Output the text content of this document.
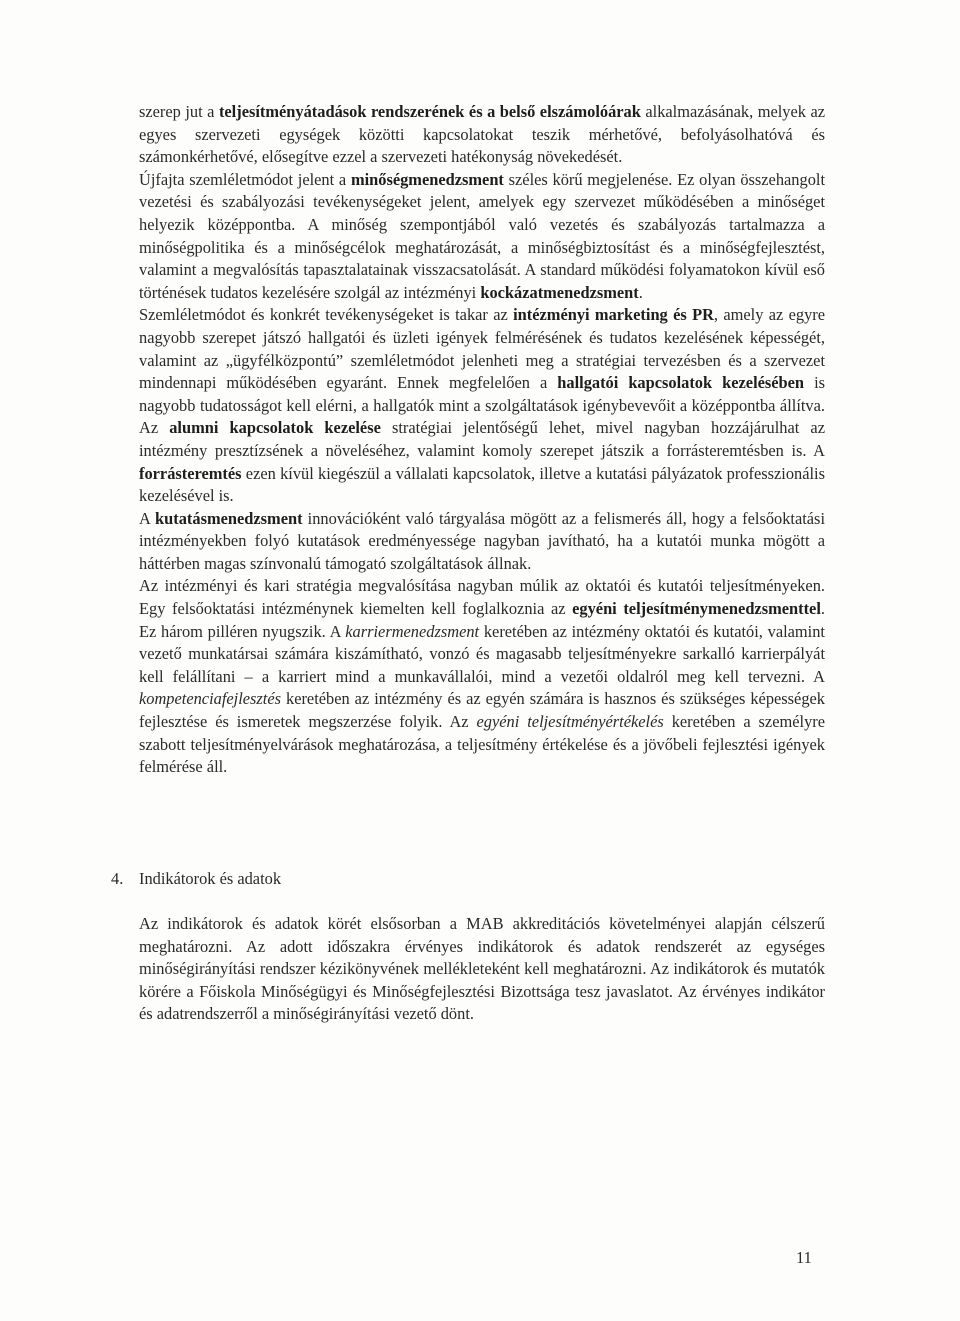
szerep jut a teljesítményátadások rendszerének és a belső elszámolóárak alkalmazásának, melyek az egyes szervezeti egységek közötti kapcsolatokat teszik mérhetővé, befolyásolhatóvá és számonkérhetővé, elősegítve ezzel a szervezeti hatékonyság növekedését.

Újfajta szemléletmódot jelent a minőségmenedzsment széles körű megjelenése. Ez olyan összehangolt vezetési és szabályozási tevékenységeket jelent, amelyek egy szervezet működésében a minőséget helyezik középpontba. A minőség szempontjából való vezetés és szabályozás tartalmazza a minőségpolitika és a minőségcélok meghatározását, a minőségbiztosítást és a minőségfejlesztést, valamint a megvalósítás tapasztalatainak visszacsatolását. A standard működési folyamatokon kívül eső történések tudatos kezelésére szolgál az intézményi kockázatmenedzsment.

Szemléletmódot és konkrét tevékenységeket is takar az intézményi marketing és PR, amely az egyre nagyobb szerepet játszó hallgatói és üzleti igények felmérésének és tudatos kezelésének képességét, valamint az „ügyfélközpontú” szemléletmódot jelenheti meg a stratégiai tervezésben és a szervezet mindennapi működésében egyaránt. Ennek megfelelően a hallgatói kapcsolatok kezelésében is nagyobb tudatosságot kell elérni, a hallgatók mint a szolgáltatások igénybevevőit a középpontba állítva. Az alumni kapcsolatok kezelése stratégiai jelentőségű lehet, mivel nagyban hozzájárulhat az intézmény presztízsének a növeléséhez, valamint komoly szerepet játszik a forrásteremtésben is. A forrásteremtés ezen kívül kiegészül a vállalati kapcsolatok, illetve a kutatási pályázatok professzionális kezelésével is.

A kutatásmenedzsment innovációként való tárgyalása mögött az a felismerés áll, hogy a felsőoktatási intézményekben folyó kutatások eredményessége nagyban javítható, ha a kutatói munka mögött a háttérben magas színvonalú támogató szolgáltatások állnak.

Az intézményi és kari stratégia megvalósítása nagyban múlik az oktatói és kutatói teljesítményeken. Egy felsőoktatási intézménynek kiemelten kell foglalkoznia az egyéni teljesítménymenedzsmenttel. Ez három pilléren nyugszik. A karriermenedzsment keretében az intézmény oktatói és kutatói, valamint vezető munkatársai számára kiszámítható, vonzó és magasabb teljesítményekre sarkalló karrierpályát kell felállítani – a karriert mind a munkavállalói, mind a vezetői oldalról meg kell tervezni. A kompetenciafejlesztés keretében az intézmény és az egyén számára is hasznos és szükséges képességek fejlesztése és ismeretek megszerzése folyik. Az egyéni teljesítményértékelés keretében a személyre szabott teljesítményelvárások meghatározása, a teljesítmény értékelése és a jövőbeli fejlesztési igények felmérése áll.

4. Indikátorok és adatok

Az indikátorok és adatok körét elsősorban a MAB akkreditációs követelményei alapján célszerű meghatározni. Az adott időszakra érvényes indikátorok és adatok rendszerét az egységes minőségirányítási rendszer kézikönyvének mellékleteként kell meghatározni. Az indikátorok és mutatók körére a Főiskola Minőségügyi és Minőségfejlesztési Bizottsága tesz javaslatot. Az érvényes indikátor és adatrendszerről a minőségirányítási vezető dönt.

11
